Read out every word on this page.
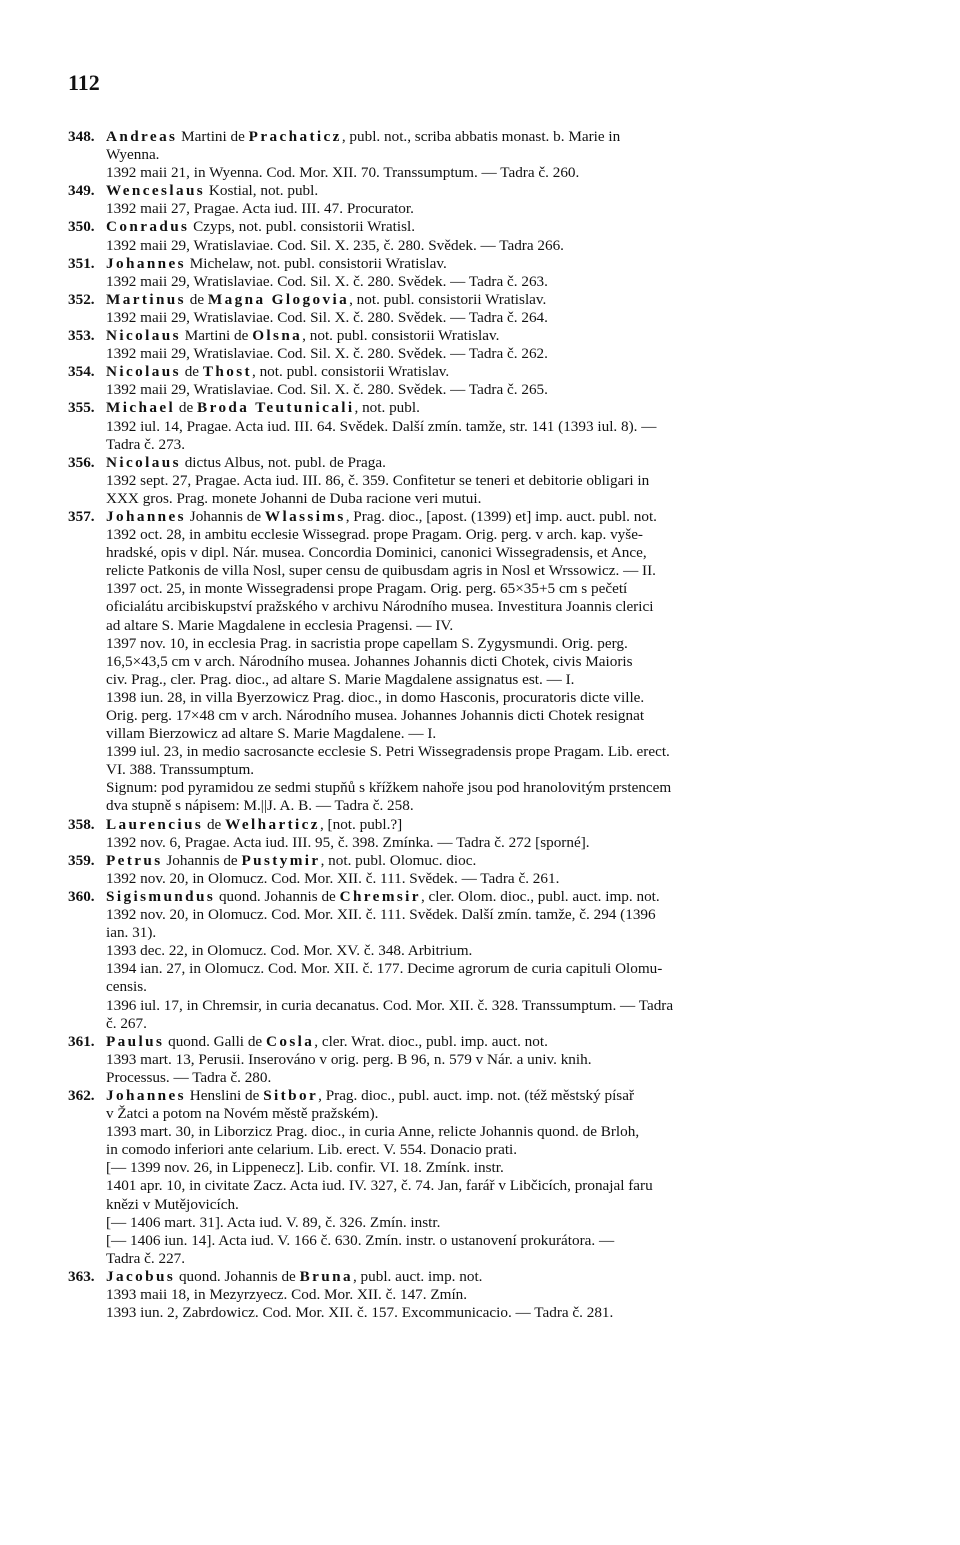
112
348. Andreas Martini de Prachaticz, publ. not., scriba abbatis monast. b. Marie in
Wyenna.
1392 maii 21, in Wyenna. Cod. Mor. XII. 70. Transsumptum. — Tadra č. 260.
349. Wenceslaus Kostial, not. publ.
1392 maii 27, Pragae. Acta iud. III. 47. Procurator.
350. Conradus Czyps, not. publ. consistorii Wratisl.
1392 maii 29, Wratislaviae. Cod. Sil. X. 235, č. 280. Svědek. — Tadra 266.
351. Johannes Michelaw, not. publ. consistorii Wratislav.
1392 maii 29, Wratislaviae. Cod. Sil. X. č. 280. Svědek. — Tadra č. 263.
352. Martinus de Magna Glogovia, not. publ. consistorii Wratislav.
1392 maii 29, Wratislaviae. Cod. Sil. X. č. 280. Svědek. — Tadra č. 264.
353. Nicolaus Martini de Olsna, not. publ. consistorii Wratislav.
1392 maii 29, Wratislaviae. Cod. Sil. X. č. 280. Svědek. — Tadra č. 262.
354. Nicolaus de Thost, not. publ. consistorii Wratislav.
1392 maii 29, Wratislaviae. Cod. Sil. X. č. 280. Svědek. — Tadra č. 265.
355. Michael de Broda Teutunicali, not. publ.
1392 iul. 14, Pragae. Acta iud. III. 64. Svědek. Další zmín. tamže, str. 141 (1393 iul. 8). —
Tadra č. 273.
356. Nicolaus dictus Albus, not. publ. de Praga.
1392 sept. 27, Pragae. Acta iud. III. 86, č. 359. Confitetur se teneri et debitorie obligari in
XXX gros. Prag. monete Johanni de Duba racione veri mutui.
357. Johannes Johannis de Wlassims, Prag. dioc., [apost. (1399) et] imp. auct. publ. not.
1392 oct. 28, in ambitu ecclesie Wissegrad. prope Pragam. Orig. perg. v arch. kap. vyše-
hradské, opis v dipl. Nár. musea. Concordia Dominici, canonici Wissegradensis, et Ance,
relicte Patkonis de villa Nosl, super censu de quibusdam agris in Nosl et Wrssowicz. — II.
1397 oct. 25, in monte Wissegradensi prope Pragam. Orig. perg. 65×35+5 cm s pečetí
oficialátu arcibiskupství pražského v archivu Národního musea. Investitura Joannis clerici
ad altare S. Marie Magdalene in ecclesia Pragensi. — IV.
1397 nov. 10, in ecclesia Prag. in sacristia prope capellam S. Zygysmundi. Orig. perg.
16,5×43,5 cm v arch. Národního musea. Johannes Johannis dicti Chotek, civis Maioris
civ. Prag., cler. Prag. dioc., ad altare S. Marie Magdalene assignatus est. — I.
1398 iun. 28, in villa Byerzowicz Prag. dioc., in domo Hasconis, procuratoris dicte ville.
Orig. perg. 17×48 cm v arch. Národního musea. Johannes Johannis dicti Chotek resignat
villam Bierzowicz ad altare S. Marie Magdalene. — I.
1399 iul. 23, in medio sacrosancte ecclesie S. Petri Wissegradensis prope Pragam. Lib. erect.
VI. 388. Transsumptum.
Signum: pod pyramidou ze sedmi stupňů s křížkem nahoře jsou pod hranolovitým prstencem
dva stupně s nápisem: M.||J. A. B. — Tadra č. 258.
358. Laurencius de Welharticz, [not. publ.?]
1392 nov. 6, Pragae. Acta iud. III. 95, č. 398. Zmínka. — Tadra č. 272 [sporné].
359. Petrus Johannis de Pustymir, not. publ. Olomuc. dioc.
1392 nov. 20, in Olomucz. Cod. Mor. XII. č. 111. Svědek. — Tadra č. 261.
360. Sigismundus quond. Johannis de Chremsir, cler. Olom. dioc., publ. auct. imp. not.
1392 nov. 20, in Olomucz. Cod. Mor. XII. č. 111. Svědek. Další zmín. tamže, č. 294 (1396
ian. 31).
1393 dec. 22, in Olomucz. Cod. Mor. XV. č. 348. Arbitrium.
1394 ian. 27, in Olomucz. Cod. Mor. XII. č. 177. Decime agrorum de curia capituli Olomu-
censis.
1396 iul. 17, in Chremsir, in curia decanatus. Cod. Mor. XII. č. 328. Transsumptum. — Tadra
č. 267.
361. Paulus quond. Galli de Cosla, cler. Wrat. dioc., publ. imp. auct. not.
1393 mart. 13, Perusii. Inserováno v orig. perg. B 96, n. 579 v Nár. a univ. knih.
Processus. — Tadra č. 280.
362. Johannes Henslini de Sitbor, Prag. dioc., publ. auct. imp. not. (též městský písař
v Žatci a potom na Novém městě pražském).
1393 mart. 30, in Liborzicz Prag. dioc., in curia Anne, relicte Johannis quond. de Brloh,
in comodo inferiori ante celarium. Lib. erect. V. 554. Donacio prati.
[— 1399 nov. 26, in Lippenecz]. Lib. confir. VI. 18. Zmínk. instr.
1401 apr. 10, in civitate Zacz. Acta iud. IV. 327, č. 74. Jan, farář v Libčicích, pronajal faru
knězi v Mutějovicích.
[— 1406 mart. 31]. Acta iud. V. 89, č. 326. Zmín. instr.
[— 1406 iun. 14]. Acta iud. V. 166 č. 630. Zmín. instr. o ustanovení prokurátora. —
Tadra č. 227.
363. Jacobus quond. Johannis de Bruna, publ. auct. imp. not.
1393 maii 18, in Mezyrzyecz. Cod. Mor. XII. č. 147. Zmín.
1393 iun. 2, Zabrdowicz. Cod. Mor. XII. č. 157. Excommunicacio. — Tadra č. 281.
